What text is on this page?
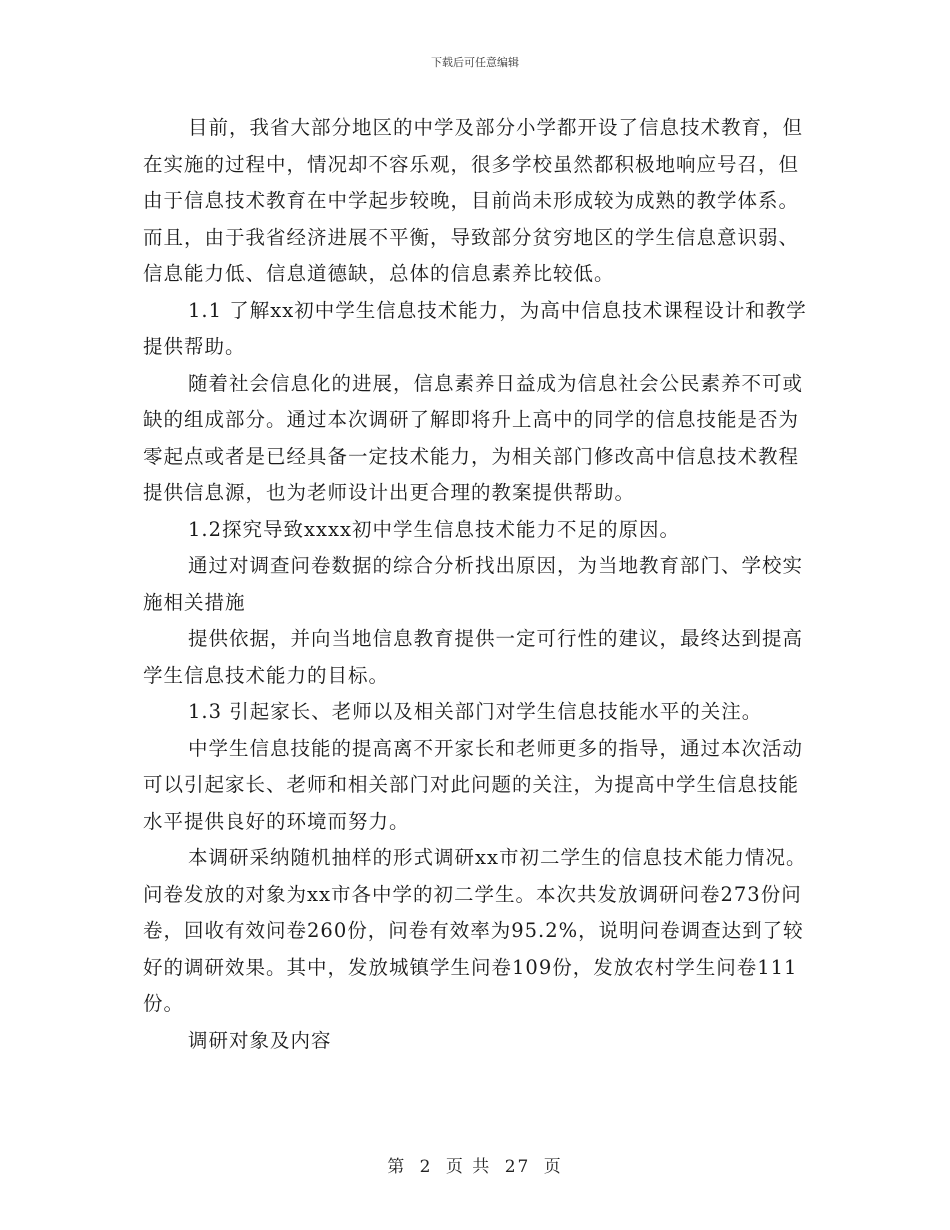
下载后可任意编辑

目前，我省大部分地区的中学及部分小学都开设了信息技术教育，但在实施的过程中，情况却不容乐观，很多学校虽然都积极地响应号召，但由于信息技术教育在中学起步较晚，目前尚未形成较为成熟的教学体系。而且，由于我省经济进展不平衡，导致部分贫穷地区的学生信息意识弱、信息能力低、信息道德缺，总体的信息素养比较低。

1.1 了解xx初中学生信息技术能力，为高中信息技术课程设计和教学提供帮助。

随着社会信息化的进展，信息素养日益成为信息社会公民素养不可或缺的组成部分。通过本次调研了解即将升上高中的同学的信息技能是否为零起点或者是已经具备一定技术能力，为相关部门修改高中信息技术教程提供信息源，也为老师设计出更合理的教案提供帮助。

1.2探究导致xxxx初中学生信息技术能力不足的原因。

通过对调查问卷数据的综合分析找出原因，为当地教育部门、学校实施相关措施

提供依据，并向当地信息教育提供一定可行性的建议，最终达到提高学生信息技术能力的目标。

1.3 引起家长、老师以及相关部门对学生信息技能水平的关注。

中学生信息技能的提高离不开家长和老师更多的指导，通过本次活动可以引起家长、老师和相关部门对此问题的关注，为提高中学生信息技能水平提供良好的环境而努力。

本调研采纳随机抽样的形式调研xx市初二学生的信息技术能力情况。问卷发放的对象为xx市各中学的初二学生。本次共发放调研问卷273份问卷，回收有效问卷260份，问卷有效率为95.2%，说明问卷调查达到了较好的调研效果。其中，发放城镇学生问卷109份，发放农村学生问卷111份。

调研对象及内容

第 2 页 共 27 页
